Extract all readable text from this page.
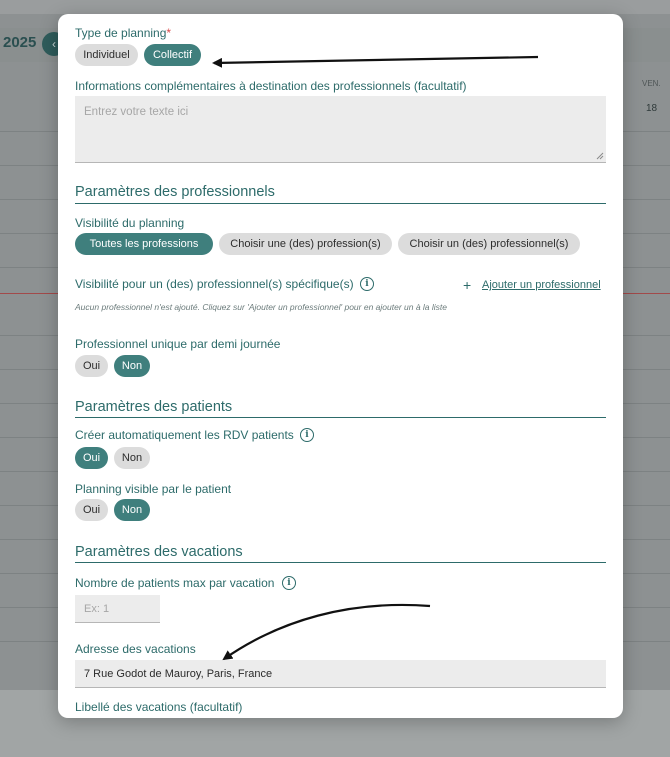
2025	‹
VEN.
18
Type de planning*
Individuel	Collectif
Informations complémentaires à destination des professionnels (facultatif)
Entrez votre texte ici
Paramètres des professionnels
Visibilité du planning
Toutes les professions	Choisir une (des) profession(s)	Choisir un (des) professionnel(s)
Visibilité pour un (des) professionnel(s) spécifique(s)	i	+ Ajouter un professionnel
Aucun professionnel n'est ajouté. Cliquez sur 'Ajouter un professionnel' pour en ajouter un à la liste
Professionnel unique par demi journée
Oui	Non
Paramètres des patients
Créer automatiquement les RDV patients	i
Oui	Non
Planning visible par le patient
Oui	Non
Paramètres des vacations
Nombre de patients max par vacation	i
Ex: 1
Adresse des vacations
7 Rue Godot de Mauroy, Paris, France
Libellé des vacations (facultatif)
